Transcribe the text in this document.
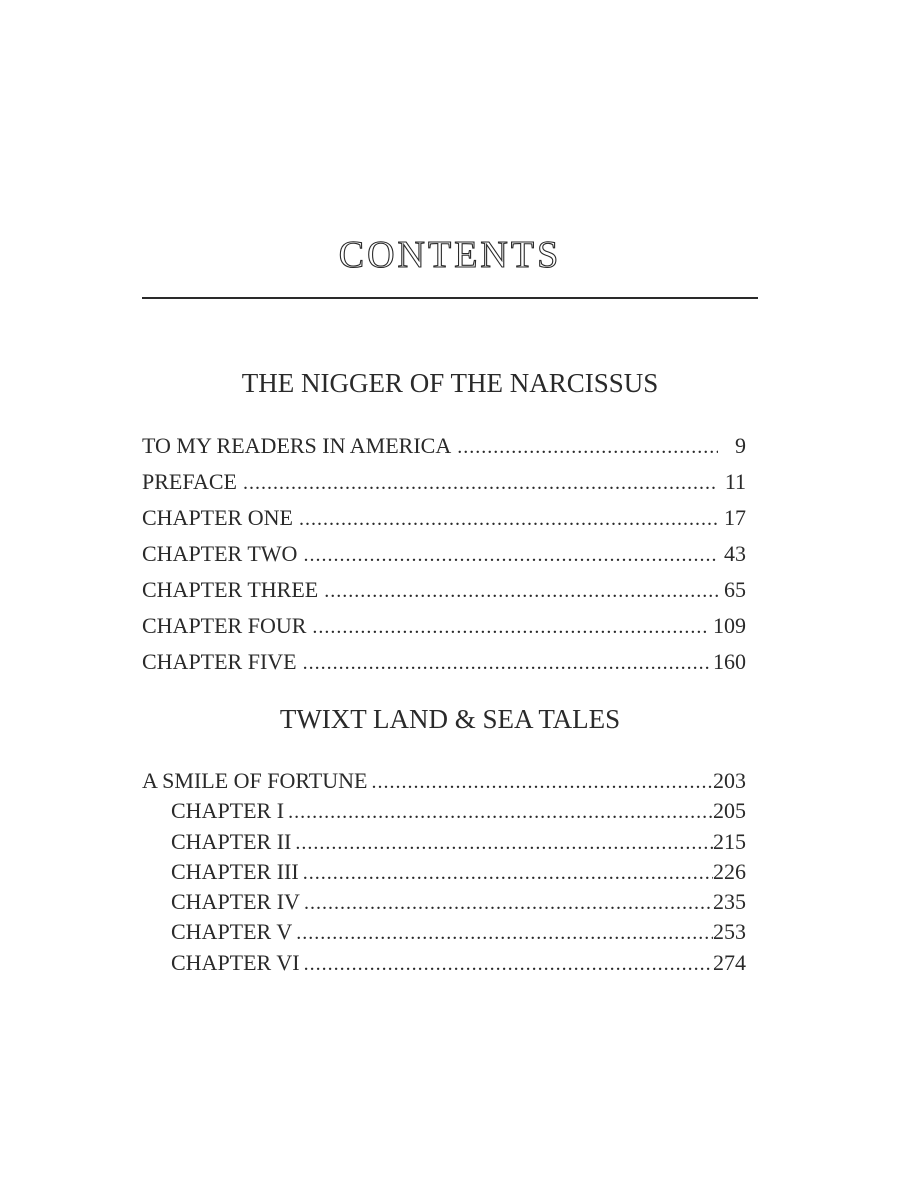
CONTENTS
THE NIGGER OF THE NARCISSUS
TO MY READERS IN AMERICA . . .	9
PREFACE . . .	11
CHAPTER ONE . . .	17
CHAPTER TWO . . .	43
CHAPTER THREE . . .	65
CHAPTER FOUR . . .	109
CHAPTER FIVE . . .	160
TWIXT LAND & SEA TALES
A SMILE OF FORTUNE . . .	203
CHAPTER I . . .	205
CHAPTER II . . .	215
CHAPTER III . . .	226
CHAPTER IV . . .	235
CHAPTER V . . .	253
CHAPTER VI . . .	274
